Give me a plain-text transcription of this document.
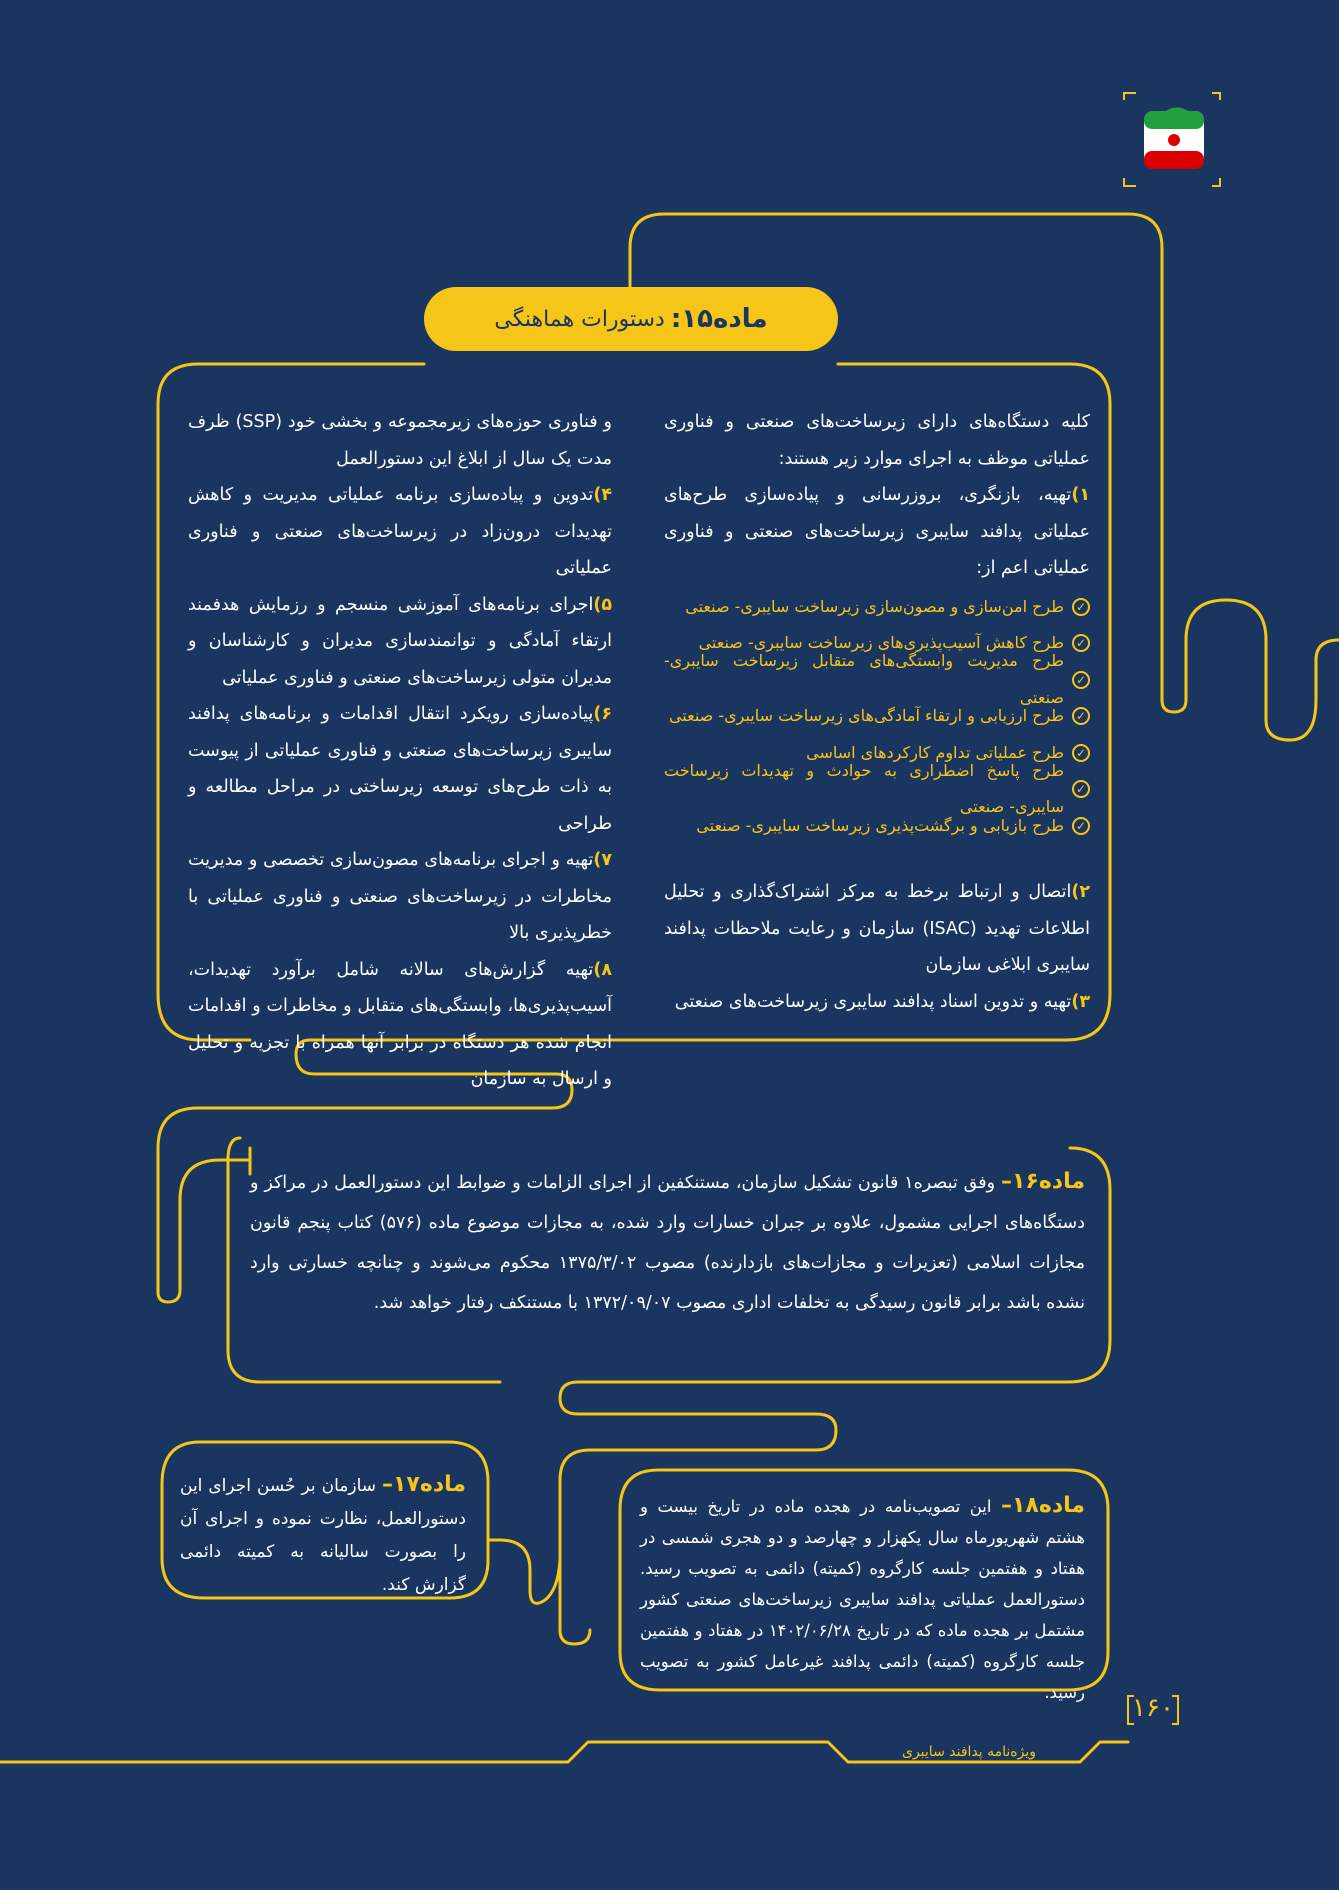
ماده۱۵:
دستورات هماهنگی

کلیه دستگاه‌های دارای زیرساخت‌های صنعتی و فناوری عملیاتی موظف به اجرای موارد زیر هستند:

۱)تهیه، بازنگری، بروزرسانی و پیاده‌سازی طرح‌های عملیاتی پدافند سایبری زیرساخت‌های صنعتی و فناوری عملیاتی اعم از:

✓
طرح امن‌سازی و مصون‌سازی زیرساخت سایبری- صنعتی
✓
طرح کاهش آسیب‌پذیری‌های زیرساخت سایبری- صنعتی
✓
طرح مدیریت وابستگی‌های متقابل زیرساخت سایبری- صنعتی
✓
طرح ارزیابی و ارتقاء آمادگی‌های زیرساخت سایبری- صنعتی
✓
طرح عملیاتی تداوم کارکردهای اساسی
✓
طرح پاسخ اضطراری به حوادث و تهدیدات زیرساخت سایبری- صنعتی
✓
طرح بازیابی و برگشت‌پذیری زیرساخت سایبری- صنعتی

۲)اتصال و ارتباط برخط به مرکز اشتراک‌گذاری و تحلیل اطلاعات تهدید (ISAC) سازمان و رعایت ملاحظات پدافند سایبری ابلاغی سازمان

۳)تهیه و تدوین اسناد پدافند سایبری زیرساخت‌های صنعتی

و فناوری حوزه‌های زیرمجموعه و بخشی خود (SSP) ظرف مدت یک سال از ابلاغ این دستورالعمل

۴)تدوین و پیاده‌سازی برنامه عملیاتی مدیریت و کاهش تهدیدات درون‌زاد در زیرساخت‌های صنعتی و فناوری عملیاتی

۵)اجرای برنامه‌های آموزشی منسجم و رزمایش هدفمند ارتقاء آمادگی و توانمندسازی مدیران و کارشناسان و مدیران متولی زیرساخت‌های صنعتی و فناوری عملیاتی

۶)پیاده‌سازی رویکرد انتقال اقدامات و برنامه‌های پدافند سایبری زیرساخت‌های صنعتی و فناوری عملیاتی از پیوست به ذات طرح‌های توسعه زیرساختی در مراحل مطالعه و طراحی

۷)تهیه و اجرای برنامه‌های مصون‌سازی تخصصی و مدیریت مخاطرات در زیرساخت‌های صنعتی و فناوری عملیاتی با خطرپذیری بالا

۸)تهیه گزارش‌های سالانه شامل برآورد تهدیدات، آسیب‌پذیری‌ها، وابستگی‌های متقابل و مخاطرات و اقدامات انجام شده هر دستگاه در برابر آنها همراه با تجزیه و تحلیل و ارسال به سازمان

ماده۱۶– وفق تبصره۱ قانون تشکیل سازمان، مستنکفین از اجرای الزامات و ضوابط این دستورالعمل در مراکز و دستگاه‌های اجرایی مشمول، علاوه بر جبران خسارات وارد شده، به مجازات موضوع ماده (۵۷۶) کتاب پنجم قانون مجازات اسلامی (تعزیرات و مجازات‌های بازدارنده) مصوب ۱۳۷۵/۳/۰۲ محکوم می‌شوند و چنانچه خسارتی وارد نشده باشد برابر قانون رسیدگی به تخلفات اداری مصوب ۱۳۷۲/۰۹/۰۷ با مستنکف رفتار خواهد شد.
ماده۱۷– سازمان بر حُسن اجرای این دستورالعمل، نظارت نموده و اجرای آن را بصورت سالیانه به کمیته دائمی گزارش کند.
ماده۱۸– این تصویب‌نامه در هجده ماده در تاریخ بیست و هشتم شهریورماه سال یکهزار و چهارصد و دو هجری شمسی در هفتاد و هفتمین جلسه کارگروه (کمیته) دائمی به تصویب رسید. دستورالعمل عملیاتی پدافند سایبری زیرساخت‌های صنعتی کشور مشتمل بر هجده ماده که در تاریخ ۱۴۰۲/۰۶/۲۸ در هفتاد و هفتمین جلسه کارگروه (کمیته) دائمی پدافند غیرعامل کشور به تصویب رسید.
۱۶۰
ویژه‌نامه پدافند سایبری
